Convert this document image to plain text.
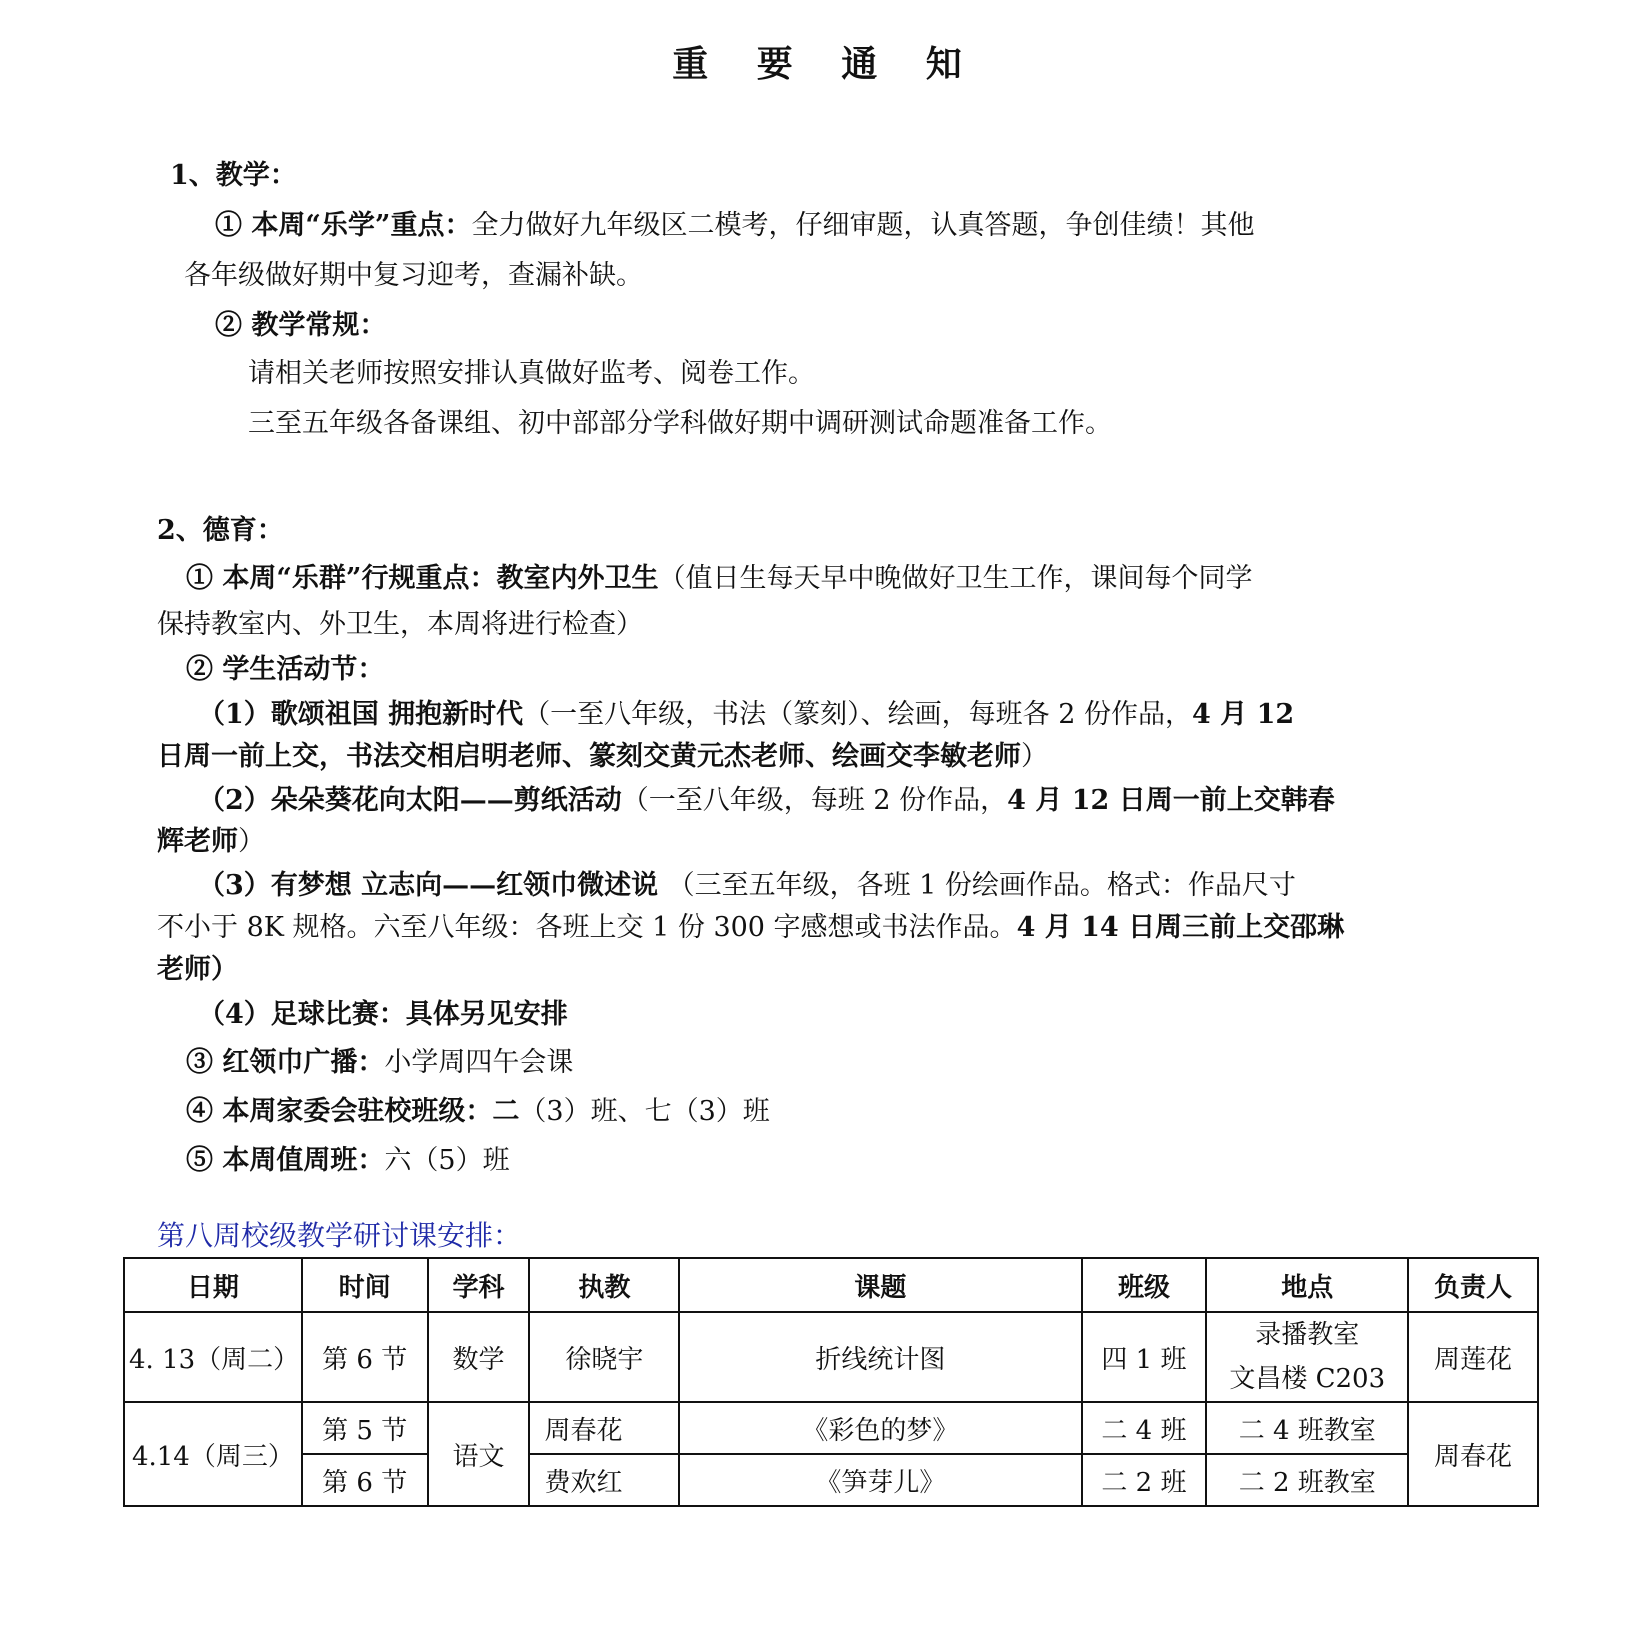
重 要 通 知
1、教学：
① 本周“乐学”重点：全力做好九年级区二模考，仔细审题，认真答题，争创佳绩！其他
各年级做好期中复习迎考，查漏补缺。
② 教学常规：
请相关老师按照安排认真做好监考、阅卷工作。
三至五年级各备课组、初中部部分学科做好期中调研测试命题准备工作。
2、德育：
① 本周“乐群”行规重点：教室内外卫生（值日生每天早中晚做好卫生工作，课间每个同学
保持教室内、外卫生，本周将进行检查）
② 学生活动节：
（1）歌颂祖国 拥抱新时代（一至八年级，书法（篆刻）、绘画，每班各 2 份作品，4 月 12
日周一前上交，书法交相启明老师、篆刻交黄元杰老师、绘画交李敏老师）
（2）朵朵葵花向太阳——剪纸活动（一至八年级，每班 2 份作品，4 月 12 日周一前上交韩春
辉老师）
（3）有梦想 立志向——红领巾微述说 （三至五年级，各班 1 份绘画作品。格式：作品尺寸
不小于 8K 规格。六至八年级：各班上交 1 份 300 字感想或书法作品。4 月 14 日周三前上交邵琳
老师）
（4）足球比赛：具体另见安排
③ 红领巾广播：小学周四午会课
④ 本周家委会驻校班级：二（3）班、七（3）班
⑤ 本周值周班：六（5）班
第八周校级教学研讨课安排：
日期	时间	学科	执教	课题	班级	地点	负责人
4. 13（周二）	第 6 节	数学	徐晓宇	折线统计图	四 1 班	录播教室
文昌楼 C203	周莲花
4.14（周三）	第 5 节	语文	周春花	《彩色的梦》	二 4 班	二 4 班教室	周春花
	第 6 节		费欢红	《笋芽儿》	二 2 班	二 2 班教室	
